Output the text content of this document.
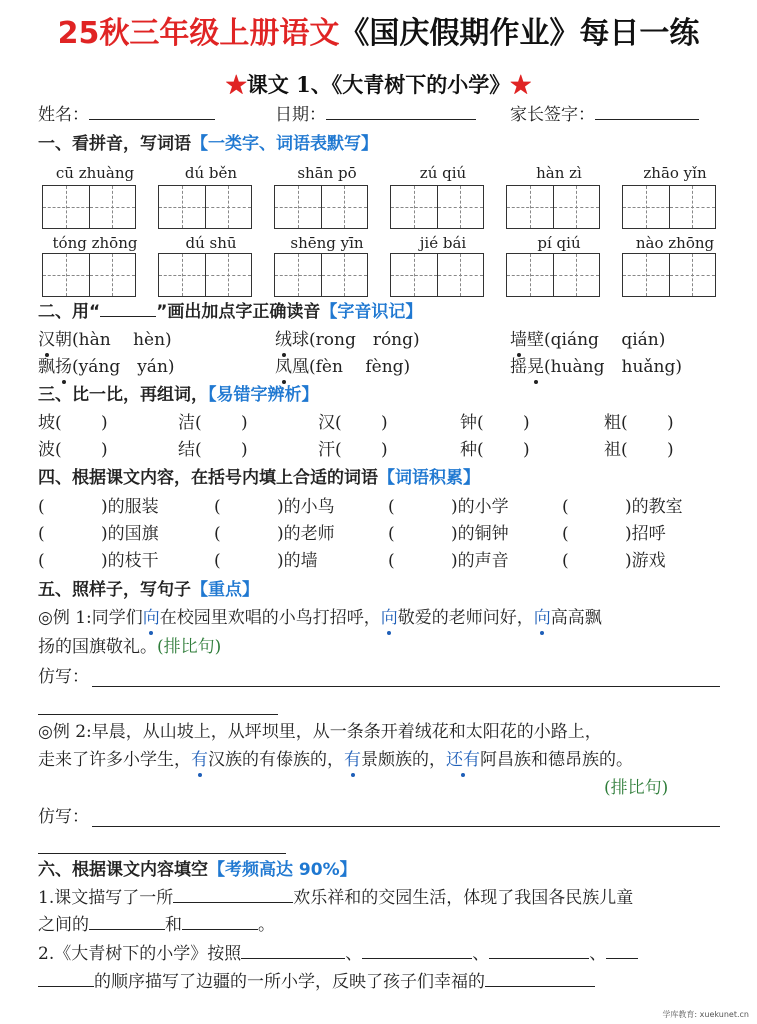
25秋三年级上册语文《国庆假期作业》每日一练
★课文 1、《大青树下的小学》★
姓名：	日期：	家长签字：
一、看拼音，写词语【一类字、词语表默写】
cū zhuàng	dú běn	shān pō	zú qiú	hàn zì	zhāo yǐn
tóng zhōng	dú shū	shēng yīn	jié bái	pí qiú	nào zhōng
二、用“	”画出加点字正确读音【字音识记】
汉朝(hàn　 hèn)	绒球(rong　róng)	墙壁(qiáng　 qián)
飘扬(yáng　yán)	凤凰(fèn　 fèng)	摇晃(huàng　huǎng)
三、比一比，再组词，【易错字辨析】
坡(　　 )	洁(　　 )	汉(　　 )	钟(　　 )	粗(　　 )
波(　　 )	结(　　 )	汗(　　 )	种(　　 )	祖(　　 )
四、根据课文内容，在括号内填上合适的词语【词语积累】
(　　　 )的服装	(　　　 )的小鸟	(　　　 )的小学	(　　　 )的教室
(　　　 )的国旗	(　　　 )的老师	(　　　 )的铜钟	(　　　 )招呼
(　　　 )的枝干	(　　　 )的墙	(　　　 )的声音	(　　　 )游戏
五、照样子，写句子【重点】
◎例 1:同学们向在校园里欢唱的小鸟打招呼，向敬爱的老师问好，向高高飘
扬的国旗敬礼。(排比句)
仿写：
◎例 2:早晨，从山坡上，从坪坝里，从一条条开着绒花和太阳花的小路上，
走来了许多小学生，有汉族的有傣族的，有景颇族的，还有阿昌族和德昂族的。
(排比句)
仿写：
六、根据课文内容填空【考频高达 90%】
1.课文描写了一所	欢乐祥和的交园生活，体现了我国各民族儿童
之间的	和	。
2.《大青树下的小学》按照	、	、	、
的顺序描写了边疆的一所小学，反映了孩子们幸福的
学库教育: xuekunet.cn
